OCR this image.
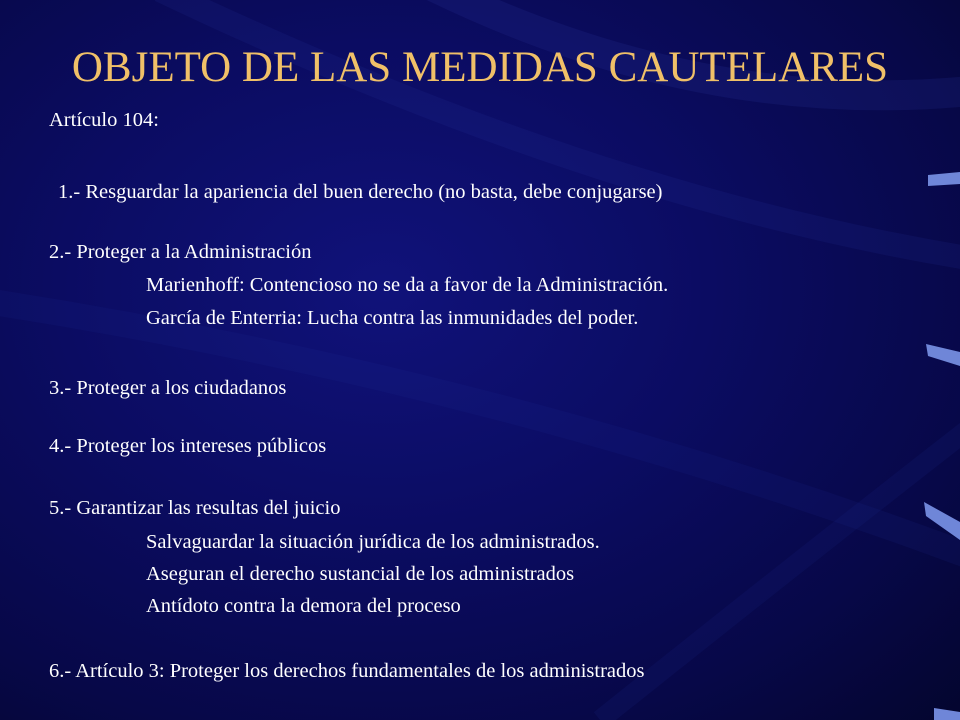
OBJETO DE LAS MEDIDAS CAUTELARES
Artículo 104:
1.- Resguardar la apariencia del buen derecho (no basta, debe conjugarse)
2.- Proteger a la Administración
Marienhoff: Contencioso no se da a favor de la Administración.
García de Enterria: Lucha contra las inmunidades del poder.
3.- Proteger a los ciudadanos
4.- Proteger los intereses públicos
5.- Garantizar las resultas del juicio
Salvaguardar la situación jurídica de los administrados.
Aseguran el derecho sustancial de los administrados
Antídoto contra la demora del proceso
6.- Artículo 3: Proteger los derechos fundamentales de los administrados
